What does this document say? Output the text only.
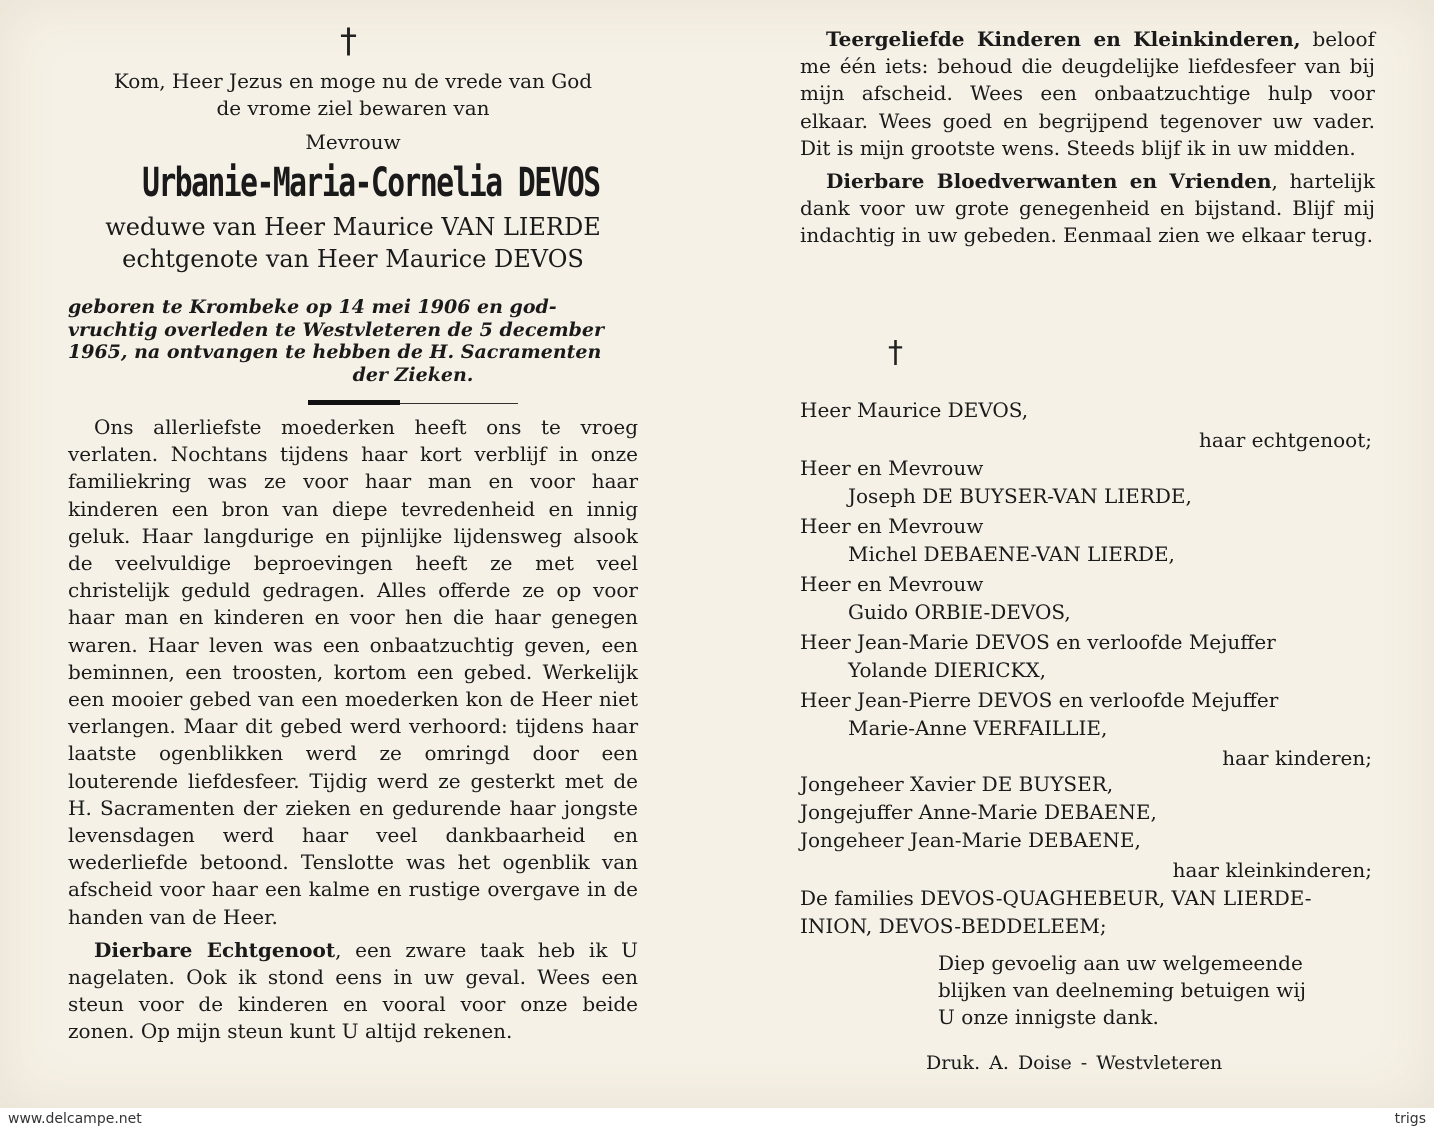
†

Kom, Heer Jezus en moge nu de vrede van God

de vrome ziel bewaren van

Mevrouw

Urbanie-Maria-Cornelia DEVOS
weduwe van Heer Maurice VAN LIERDE
echtgenote van Heer Maurice DEVOS
geboren te Krombeke op 14 mei 1906 en god-
vruchtig overleden te Westvleteren de 5 december
1965, na ontvangen te hebben de H. Sacramenten
der Zieken.

Ons allerliefste moederken heeft ons te vroeg verlaten. Nochtans tijdens haar kort verblijf in onze familiekring was ze voor haar man en voor haar kinderen een bron van diepe tevredenheid en innig geluk. Haar langdurige en pijnlijke lijdensweg alsook de veelvuldige beproevingen heeft ze met veel christelijk geduld gedragen. Alles offerde ze op voor haar man en kinderen en voor hen die haar genegen waren. Haar leven was een onbaatzuchtig geven, een beminnen, een troosten, kortom een gebed. Werkelijk een mooier gebed van een moederken kon de Heer niet verlangen. Maar dit gebed werd verhoord: tijdens haar laatste ogenblikken werd ze omringd door een louterende liefdesfeer. Tijdig werd ze gesterkt met de H. Sacramenten der zieken en gedurende haar jongste levensdagen werd haar veel dankbaarheid en wederliefde betoond. Tenslotte was het ogenblik van afscheid voor haar een kalme en rustige overgave in de handen van de Heer.

Dierbare Echtgenoot, een zware taak heb ik U nagelaten. Ook ik stond eens in uw geval. Wees een steun voor de kinderen en vooral voor onze beide zonen. Op mijn steun kunt U altijd rekenen.

Teergeliefde Kinderen en Kleinkinderen, beloof me één iets: behoud die deugdelijke liefdesfeer van bij mijn afscheid. Wees een onbaatzuchtige hulp voor elkaar. Wees goed en begrijpend tegenover uw vader. Dit is mijn grootste wens. Steeds blijf ik in uw midden.

Dierbare Bloedverwanten en Vrienden, hartelijk dank voor uw grote genegenheid en bijstand. Blijf mij indachtig in uw gebeden. Eenmaal zien we elkaar terug.

†
Heer Maurice DEVOS,
haar echtgenoot;
Heer en Mevrouw
Joseph DE BUYSER-VAN LIERDE,
Heer en Mevrouw
Michel DEBAENE-VAN LIERDE,
Heer en Mevrouw
Guido ORBIE-DEVOS,
Heer Jean-Marie DEVOS en verloofde Mejuffer
Yolande DIERICKX,
Heer Jean-Pierre DEVOS en verloofde Mejuffer
Marie-Anne VERFAILLIE,
haar kinderen;
Jongeheer Xavier DE BUYSER,
Jongejuffer Anne-Marie DEBAENE,
Jongeheer Jean-Marie DEBAENE,
haar kleinkinderen;
De families DEVOS-QUAGHEBEUR, VAN LIERDE-
INION, DEVOS-BEDDELEEM;

Diep gevoelig aan uw welgemeende

blijken van deelneming betuigen wij

U onze innigste dank.

Druk. A. Doise - Westvleteren

www.delcampe.net	trigs
